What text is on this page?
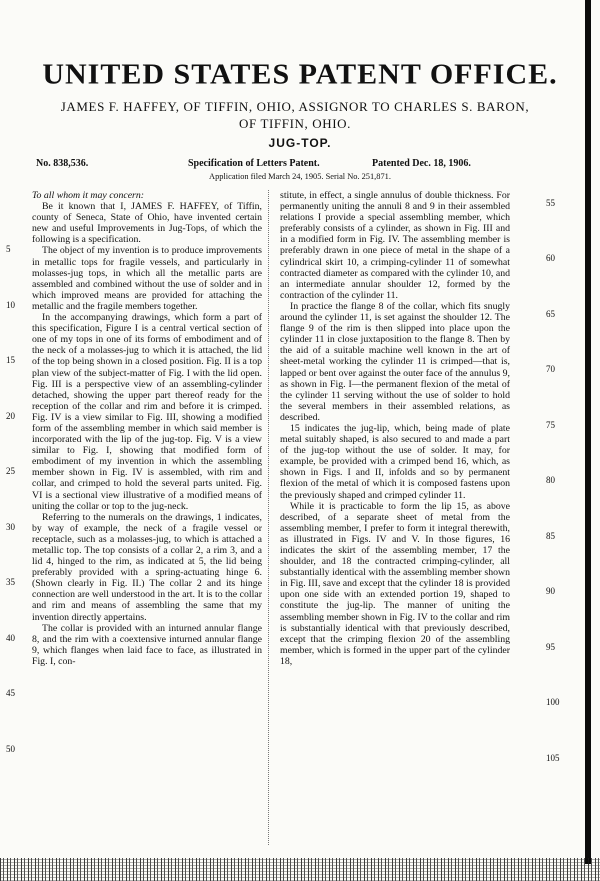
UNITED STATES PATENT OFFICE.
JAMES F. HAFFEY, OF TIFFIN, OHIO, ASSIGNOR TO CHARLES S. BARON,
OF TIFFIN, OHIO.
JUG-TOP.
No. 838,536.	Specification of Letters Patent.	Patented Dec. 18, 1906.
Application filed March 24, 1905. Serial No. 251,871.

To all whom it may concern:

Be it known that I, JAMES F. HAFFEY, of Tiffin, county of Seneca, State of Ohio, have invented certain new and useful Improvements in Jug-Tops, of which the following is a specification.

The object of my invention is to produce improvements in metallic tops for fragile vessels, and particularly in molasses-jug tops, in which all the metallic parts are assembled and combined without the use of solder and in which improved means are provided for attaching the metallic and the fragile members together.

In the accompanying drawings, which form a part of this specification, Figure I is a central vertical section of one of my tops in one of its forms of embodiment and of the neck of a molasses-jug to which it is attached, the lid of the top being shown in a closed position. Fig. II is a top plan view of the subject-matter of Fig. I with the lid open. Fig. III is a perspective view of an assembling-cylinder detached, showing the upper part thereof ready for the reception of the collar and rim and before it is crimped. Fig. IV is a view similar to Fig. III, showing a modified form of the assembling member in which said member is incorporated with the lip of the jug-top. Fig. V is a view similar to Fig. I, showing that modified form of embodiment of my invention in which the assembling member shown in Fig. IV is assembled, with rim and collar, and crimped to hold the several parts united. Fig. VI is a sectional view illustrative of a modified means of uniting the collar or top to the jug-neck.

Referring to the numerals on the drawings, 1 indicates, by way of example, the neck of a fragile vessel or receptacle, such as a molasses-jug, to which is attached a metallic top. The top consists of a collar 2, a rim 3, and a lid 4, hinged to the rim, as indicated at 5, the lid being preferably provided with a spring-actuating hinge 6. (Shown clearly in Fig. II.) The collar 2 and its hinge connection are well understood in the art. It is to the collar and rim and means of assembling the same that my invention directly appertains.

The collar is provided with an inturned annular flange 8, and the rim with a coextensive inturned annular flange 9, which flanges when laid face to face, as illustrated in Fig. I, con-

stitute, in effect, a single annulus of double thickness. For permanently uniting the annuli 8 and 9 in their assembled relations I provide a special assembling member, which preferably consists of a cylinder, as shown in Fig. III and in a modified form in Fig. IV. The assembling member is preferably drawn in one piece of metal in the shape of a cylindrical skirt 10, a crimping-cylinder 11 of somewhat contracted diameter as compared with the cylinder 10, and an intermediate annular shoulder 12, formed by the contraction of the cylinder 11.

In practice the flange 8 of the collar, which fits snugly around the cylinder 11, is set against the shoulder 12. The flange 9 of the rim is then slipped into place upon the cylinder 11 in close juxtaposition to the flange 8. Then by the aid of a suitable machine well known in the art of sheet-metal working the cylinder 11 is crimped—that is, lapped or bent over against the outer face of the annulus 9, as shown in Fig. I—the permanent flexion of the metal of the cylinder 11 serving without the use of solder to hold the several members in their assembled relations, as described.

15 indicates the jug-lip, which, being made of plate metal suitably shaped, is also secured to and made a part of the jug-top without the use of solder. It may, for example, be provided with a crimped bend 16, which, as shown in Figs. I and II, infolds and so by permanent flexion of the metal of which it is composed fastens upon the previously shaped and crimped cylinder 11.

While it is practicable to form the lip 15, as above described, of a separate sheet of metal from the assembling member, I prefer to form it integral therewith, as illustrated in Figs. IV and V. In those figures, 16 indicates the skirt of the assembling member, 17 the shoulder, and 18 the contracted crimping-cylinder, all substantially identical with the assembling member shown in Fig. III, save and except that the cylinder 18 is provided upon one side with an extended portion 19, shaped to constitute the jug-lip. The manner of uniting the assembling member shown in Fig. IV to the collar and rim is substantially identical with that previously described, except that the crimping flexion 20 of the assembling member, which is formed in the upper part of the cylinder 18,

5
10
15
20
25
30
35
40
45
50
55
60
65
70
75
80
85
90
95
100
105
